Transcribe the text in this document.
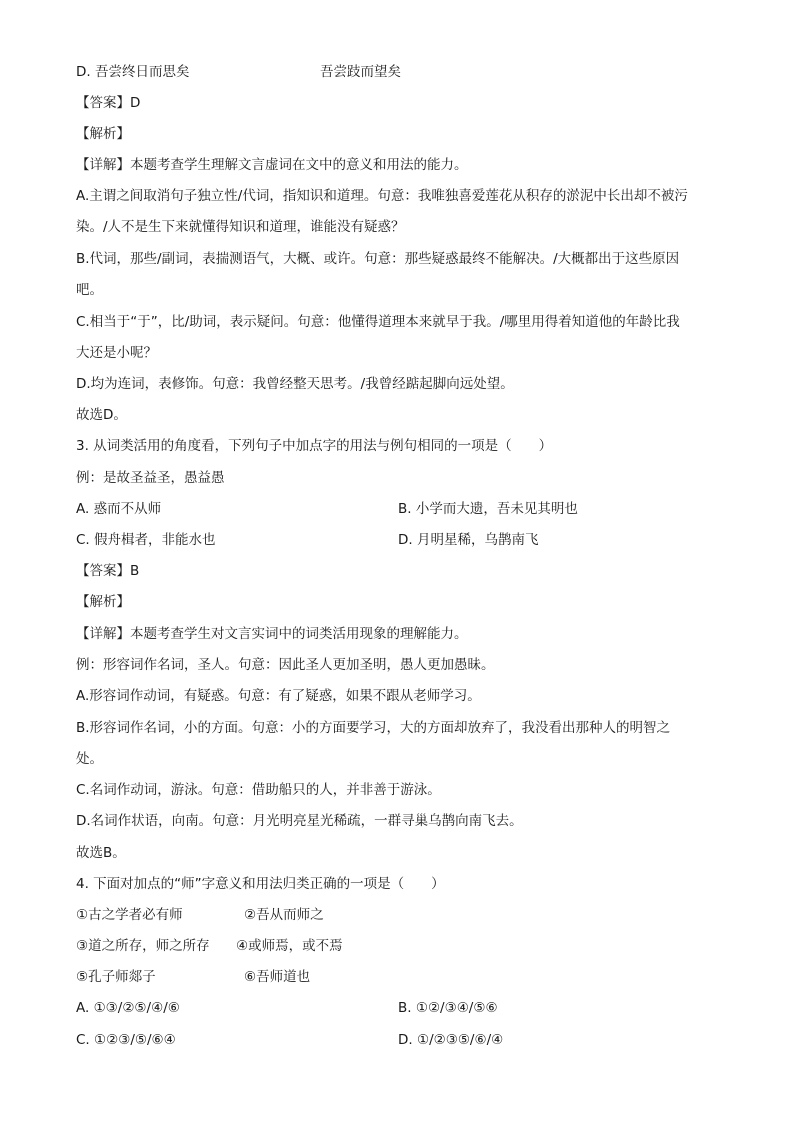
D. 吾尝终日而思矣	吾尝跂而望矣
【答案】D
【解析】
【详解】本题考查学生理解文言虚词在文中的意义和用法的能力。
A.主谓之间取消句子独立性/代词，指知识和道理。句意：我唯独喜爱莲花从积存的淤泥中长出却不被污
染。/人不是生下来就懂得知识和道理，谁能没有疑惑？
B.代词，那些/副词，表揣测语气，大概、或许。句意：那些疑惑最终不能解决。/大概都出于这些原因
吧。
C.相当于“于”，比/助词，表示疑问。句意：他懂得道理本来就早于我。/哪里用得着知道他的年龄比我
大还是小呢？
D.均为连词，表修饰。句意：我曾经整天思考。/我曾经踮起脚向远处望。
故选D。
3. 从词类活用的角度看，下列句子中加点字的用法与例句相同的一项是（　　）
例：是故圣益圣，愚益愚
A. 惑而不从师	B. 小学而大遗，吾未见其明也
C. 假舟楫者，非能水也	D. 月明星稀，乌鹊南飞
【答案】B
【解析】
【详解】本题考查学生对文言实词中的词类活用现象的理解能力。
例：形容词作名词，圣人。句意：因此圣人更加圣明，愚人更加愚昧。
A.形容词作动词，有疑惑。句意：有了疑惑，如果不跟从老师学习。
B.形容词作名词，小的方面。句意：小的方面要学习，大的方面却放弃了，我没看出那种人的明智之
处。
C.名词作动词，游泳。句意：借助船只的人，并非善于游泳。
D.名词作状语，向南。句意：月光明亮星光稀疏，一群寻巢乌鹊向南飞去。
故选B。
4. 下面对加点的“师”字意义和用法归类正确的一项是（　　）
①古之学者必有师	②吾从而师之
③道之所存，师之所存 ④或师焉，或不焉
⑤孔子师郯子	⑥吾师道也
A. ①③/②⑤/④/⑥	B. ①②/③④/⑤⑥
C. ①②③/⑤/⑥④	D. ①/②③⑤/⑥/④
